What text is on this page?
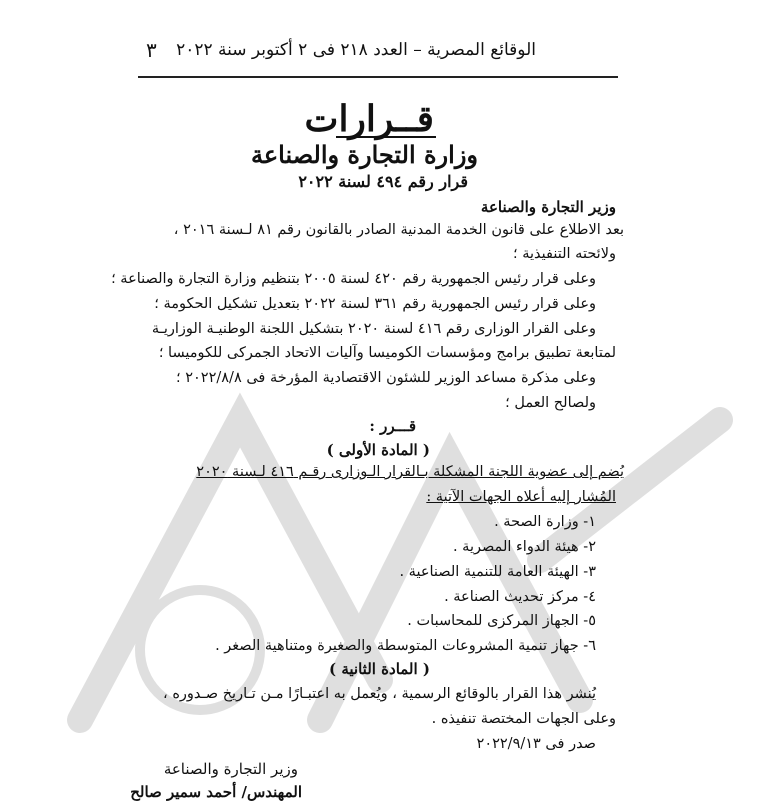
الوقائع المصرية – العدد ٢١٨ فى ٢ أكتوبر سنة ٢٠٢٢
٣
قــرارات
وزارة التجارة والصناعة
قرار رقم ٤٩٤ لسنة ٢٠٢٢
وزير التجارة والصناعة
بعد الاطلاع على قانون الخدمة المدنية الصادر بالقانون رقم ٨١ لـسنة ٢٠١٦ ،
ولائحته التنفيذية ؛
وعلى قرار رئيس الجمهورية رقم ٤٢٠ لسنة ٢٠٠٥ بتنظيم وزارة التجارة والصناعة ؛
وعلى قرار رئيس الجمهورية رقم ٣٦١ لسنة ٢٠٢٢ بتعديل تشكيل الحكومة ؛
وعلى القرار الوزارى رقم ٤١٦ لسنة ٢٠٢٠ بتشكيل اللجنة الوطنيـة الوزاريـة
لمتابعة تطبيق برامج ومؤسسات الكوميسا وآليات الاتحاد الجمركى للكوميسا ؛
وعلى مذكرة مساعد الوزير للشئون الاقتصادية المؤرخة فى ٢٠٢٢/٨/٨ ؛
ولصالح العمل ؛
قـــرر :
( المادة الأولى )
يُضم إلى عضوية اللجنة المشكلة بـالقرار الـوزارى رقـم ٤١٦ لـسنة ٢٠٢٠
المُشار إليه أعلاه الجهات الآتية :
١- وزارة الصحة .
٢- هيئة الدواء المصرية .
٣- الهيئة العامة للتنمية الصناعية .
٤- مركز تحديث الصناعة .
٥- الجهاز المركزى للمحاسبات .
٦- جهاز تنمية المشروعات المتوسطة والصغيرة ومتناهية الصغر .
( المادة الثانية )
يُنشر هذا القرار بالوقائع الرسمية ، ويُعمل به اعتبـارًا مـن تـاريخ صـدوره ،
وعلى الجهات المختصة تنفيذه .
صدر فى ٢٠٢٢/٩/١٣
وزير التجارة والصناعة
المهندس/ أحمد سمير صالح
